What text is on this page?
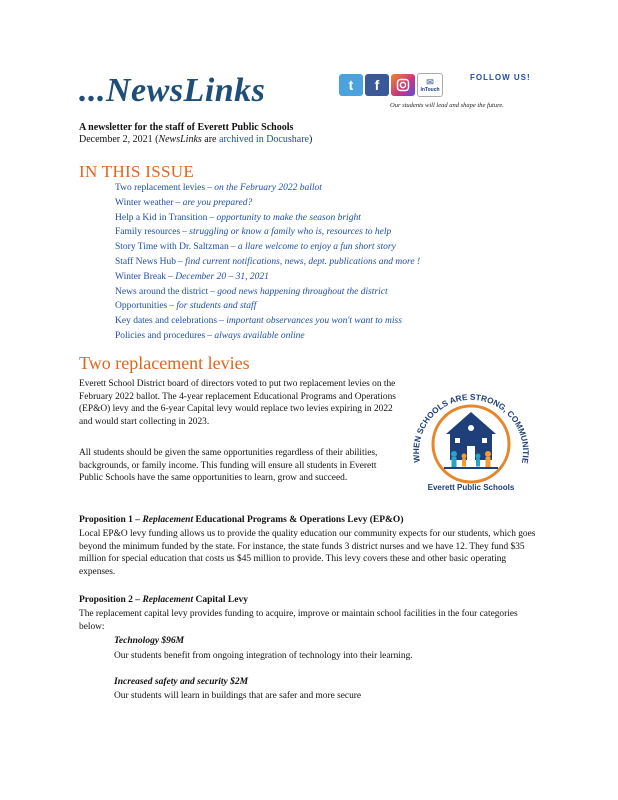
...NewsLinks	t	f	✉
InTouch
FOLLOW US!
Our students will lead and shape the future.
A newsletter for the staff of Everett Public Schools
December 2, 2021 (NewsLinks are archived in Docushare)
IN THIS ISSUE
Two replacement levies – on the February 2022 ballot
Winter weather – are you prepared?
Help a Kid in Transition – opportunity to make the season bright
Family resources – struggling or know a family who is, resources to help
Story Time with Dr. Saltzman – a llare welcome to enjoy a fun short story
Staff News Hub – find current notifications, news, dept. publications and more !
Winter Break – December 20 – 31, 2021
News around the district – good news happening throughout the district
Opportunities – for students and staff
Key dates and celebrations – important observances you won't want to miss
Policies and procedures – always available online
Two replacement levies
Everett School District board of directors voted to put two replacement levies on the February 2022 ballot. The 4-year replacement Educational Programs and Operations (EP&O) levy and the 6-year Capital levy would replace two levies expiring in 2022 and would start collecting in 2023.
All students should be given the same opportunities regardless of their abilities, backgrounds, or family income. This funding will ensure all students in Everett Public Schools have the same opportunities to learn, grow and succeed.
WHEN SCHOOLS ARE STRONG, COMMUNITIE
Everett Public Schools
Proposition 1 – Replacement Educational Programs & Operations Levy (EP&O)
Local EP&O levy funding allows us to provide the quality education our community expects for our students, which goes beyond the minimum funded by the state. For instance, the state funds 3 district nurses and we have 12. They fund $35 million for special education that costs us $45 million to provide. This levy covers these and other basic operating expenses.
Proposition 2 – Replacement Capital Levy
The replacement capital levy provides funding to acquire, improve or maintain school facilities in the four categories below:
Technology $96M
Our students benefit from ongoing integration of technology into their learning.
Increased safety and security $2M
Our students will learn in buildings that are safer and more secure
